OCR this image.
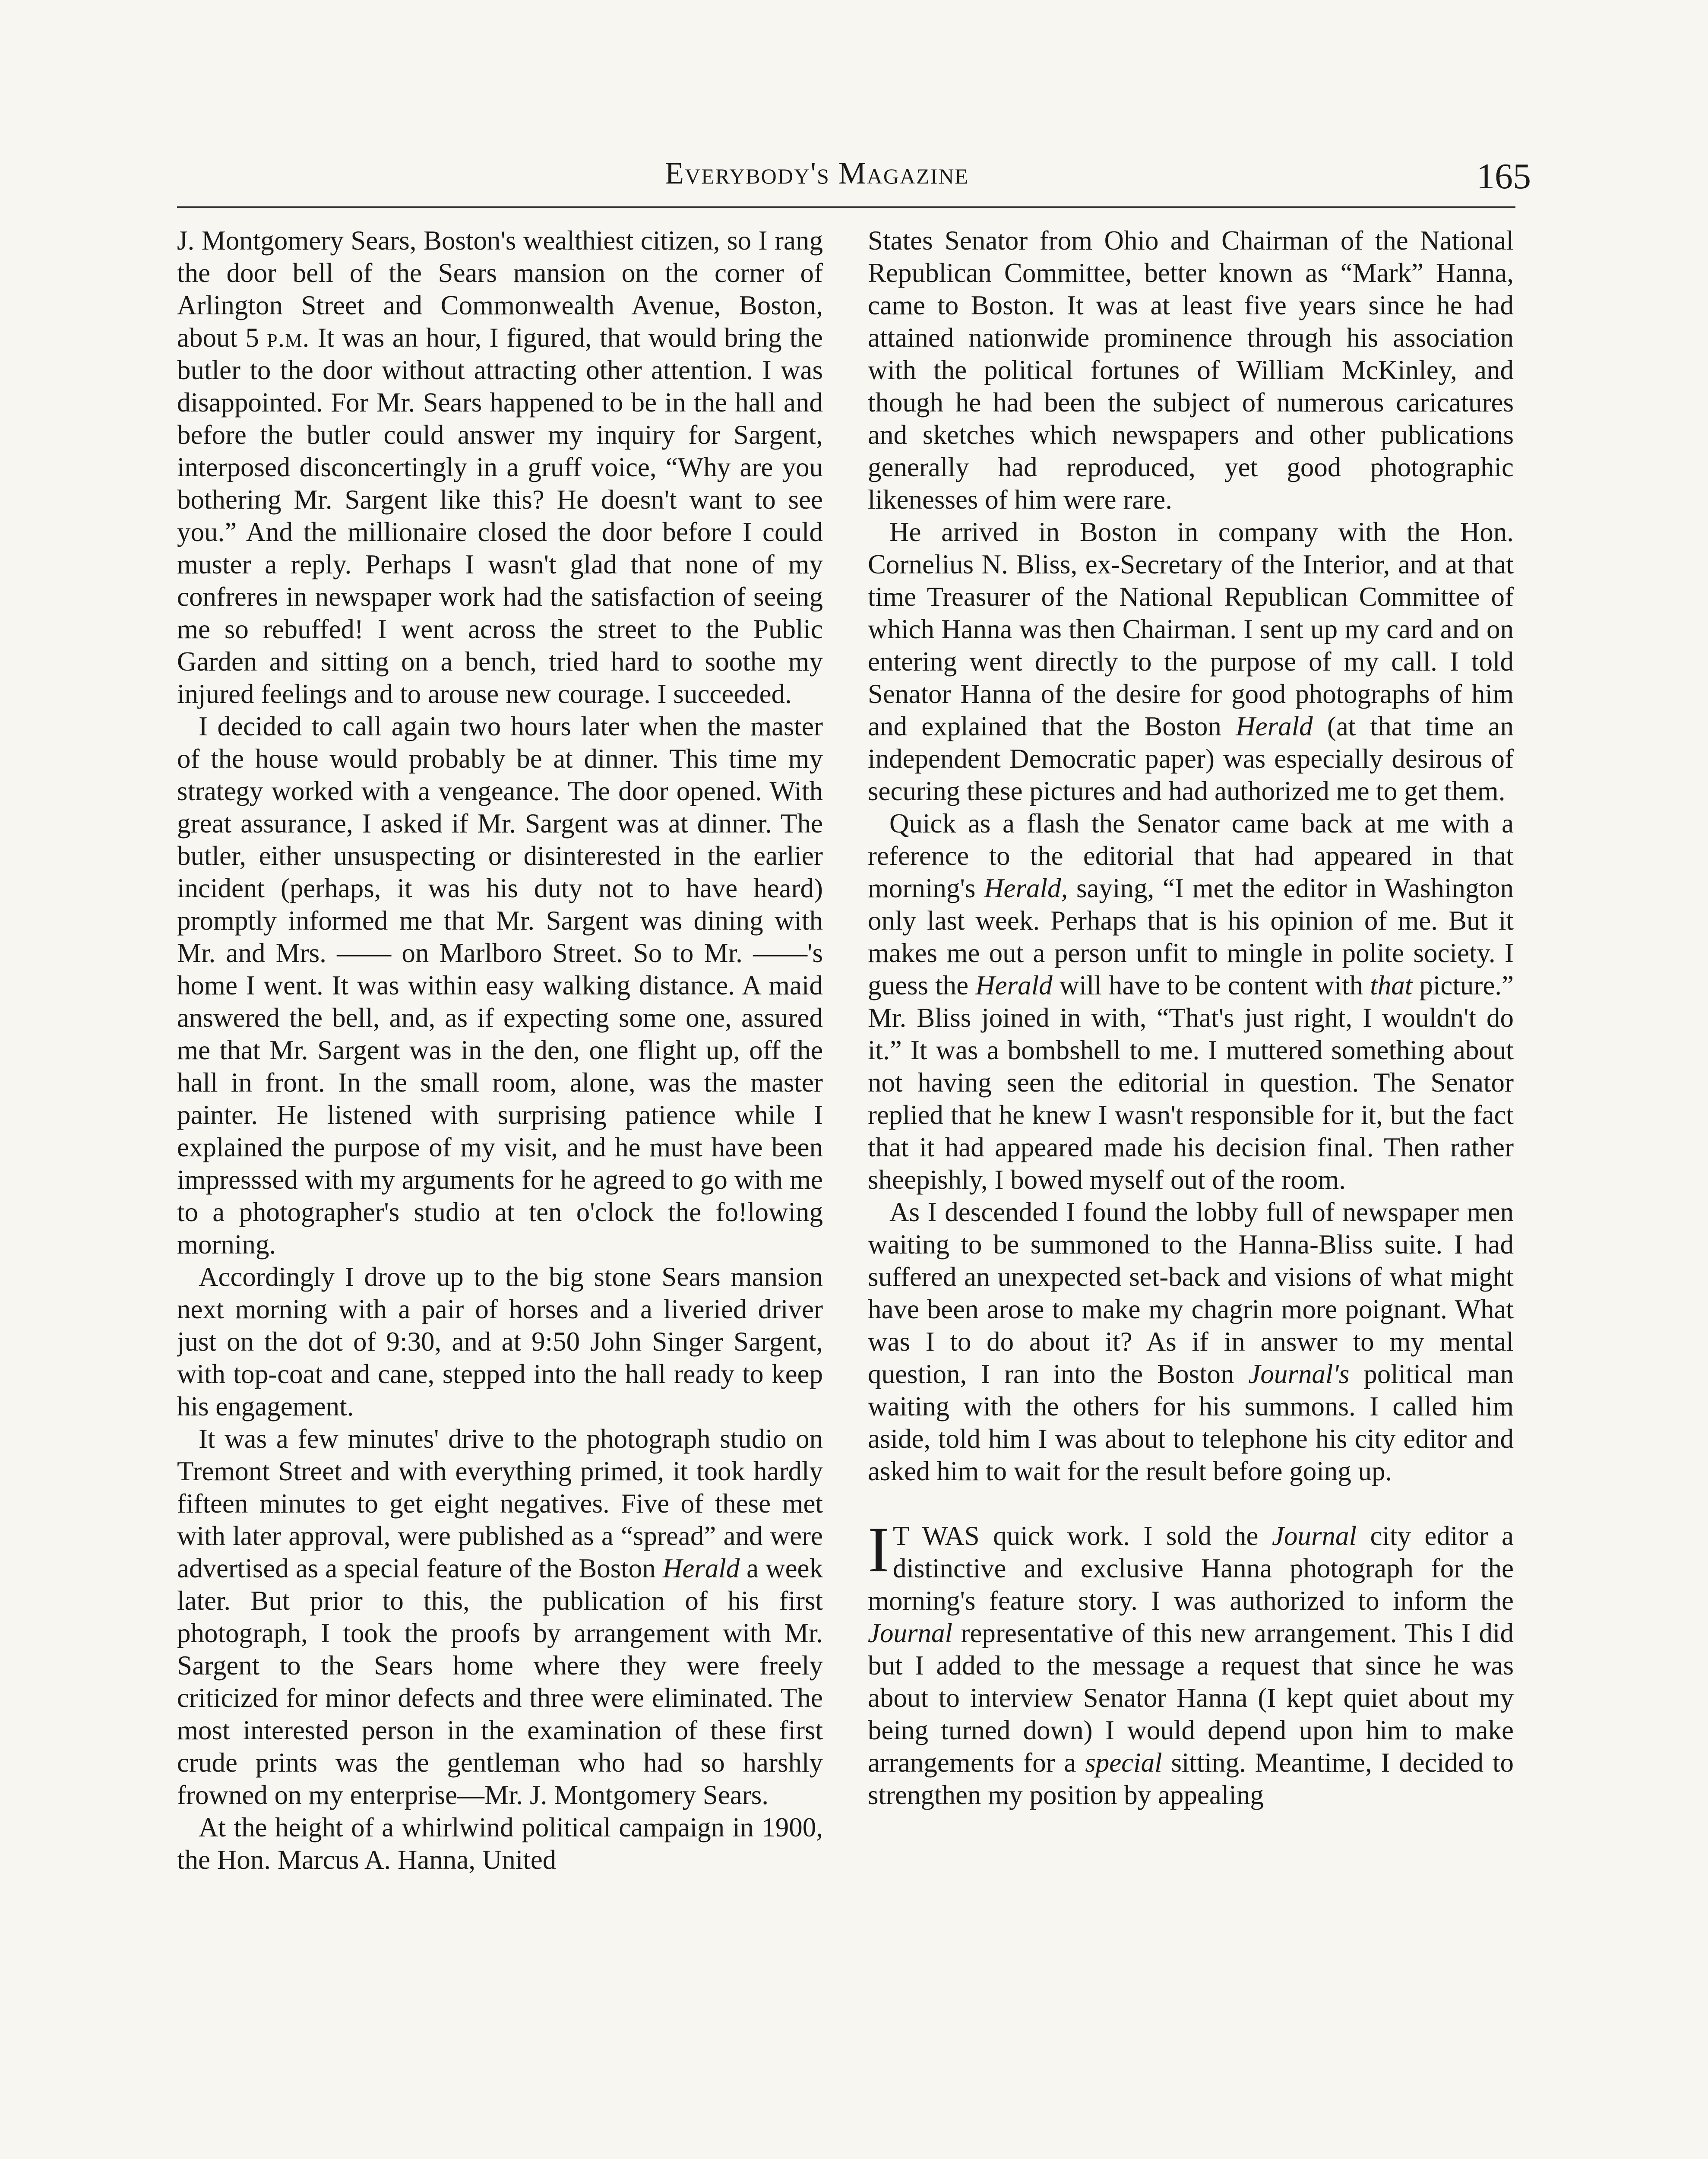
Everybody's Magazine	165

J. Montgomery Sears, Boston's wealthiest citizen, so I rang the door bell of the Sears mansion on the corner of Arlington Street and Commonwealth Avenue, Boston, about 5 p.m. It was an hour, I figured, that would bring the butler to the door without attracting other attention. I was disappointed. For Mr. Sears happened to be in the hall and before the butler could answer my inquiry for Sargent, interposed disconcertingly in a gruff voice, “Why are you bothering Mr. Sargent like this? He doesn't want to see you.” And the millionaire closed the door before I could muster a reply. Perhaps I wasn't glad that none of my confreres in newspaper work had the satisfaction of seeing me so rebuffed! I went across the street to the Public Garden and sitting on a bench, tried hard to soothe my injured feelings and to arouse new courage. I succeeded.

I decided to call again two hours later when the master of the house would probably be at dinner. This time my strategy worked with a vengeance. The door opened. With great assurance, I asked if Mr. Sargent was at dinner. The butler, either unsuspecting or disinterested in the earlier incident (perhaps, it was his duty not to have heard) promptly informed me that Mr. Sargent was dining with Mr. and Mrs. —— on Marlboro Street. So to Mr. ——'s home I went. It was within easy walking distance. A maid answered the bell, and, as if expecting some one, assured me that Mr. Sargent was in the den, one flight up, off the hall in front. In the small room, alone, was the master painter. He listened with surprising patience while I explained the purpose of my visit, and he must have been impresssed with my arguments for he agreed to go with me to a photographer's studio at ten o'clock the fo!lowing morning.

Accordingly I drove up to the big stone Sears mansion next morning with a pair of horses and a liveried driver just on the dot of 9:30, and at 9:50 John Singer Sargent, with top-coat and cane, stepped into the hall ready to keep his engagement.

It was a few minutes' drive to the photograph studio on Tremont Street and with everything primed, it took hardly fifteen minutes to get eight negatives. Five of these met with later approval, were published as a “spread” and were advertised as a special feature of the Boston Herald a week later. But prior to this, the publication of his first photograph, I took the proofs by arrangement with Mr. Sargent to the Sears home where they were freely criticized for minor defects and three were eliminated. The most interested person in the examination of these first crude prints was the gentleman who had so harshly frowned on my enterprise—Mr. J. Montgomery Sears.

At the height of a whirlwind political campaign in 1900, the Hon. Marcus A. Hanna, United

States Senator from Ohio and Chairman of the National Republican Committee, better known as “Mark” Hanna, came to Boston. It was at least five years since he had attained nationwide prominence through his association with the political fortunes of William McKinley, and though he had been the subject of numerous caricatures and sketches which newspapers and other publications generally had reproduced, yet good photographic likenesses of him were rare.

He arrived in Boston in company with the Hon. Cornelius N. Bliss, ex-Secretary of the Interior, and at that time Treasurer of the National Republican Committee of which Hanna was then Chairman. I sent up my card and on entering went directly to the purpose of my call. I told Senator Hanna of the desire for good photographs of him and explained that the Boston Herald (at that time an independent Democratic paper) was especially desirous of securing these pictures and had authorized me to get them.

Quick as a flash the Senator came back at me with a reference to the editorial that had appeared in that morning's Herald, saying, “I met the editor in Washington only last week. Perhaps that is his opinion of me. But it makes me out a person unfit to mingle in polite society. I guess the Herald will have to be content with that picture.” Mr. Bliss joined in with, “That's just right, I wouldn't do it.” It was a bombshell to me. I muttered something about not having seen the editorial in question. The Senator replied that he knew I wasn't responsible for it, but the fact that it had appeared made his decision final. Then rather sheepishly, I bowed myself out of the room.

As I descended I found the lobby full of newspaper men waiting to be summoned to the Hanna-Bliss suite. I had suffered an unexpected set-back and visions of what might have been arose to make my chagrin more poignant. What was I to do about it? As if in answer to my mental question, I ran into the Boston Journal's political man waiting with the others for his summons. I called him aside, told him I was about to telephone his city editor and asked him to wait for the result before going up.

I T WAS quick work. I sold the Journal city editor a distinctive and exclusive Hanna photograph for the morning's feature story. I was authorized to inform the Journal representative of this new arrangement. This I did but I added to the message a request that since he was about to interview Senator Hanna (I kept quiet about my being turned down) I would depend upon him to make arrangements for a special sitting. Meantime, I decided to strengthen my position by appealing
